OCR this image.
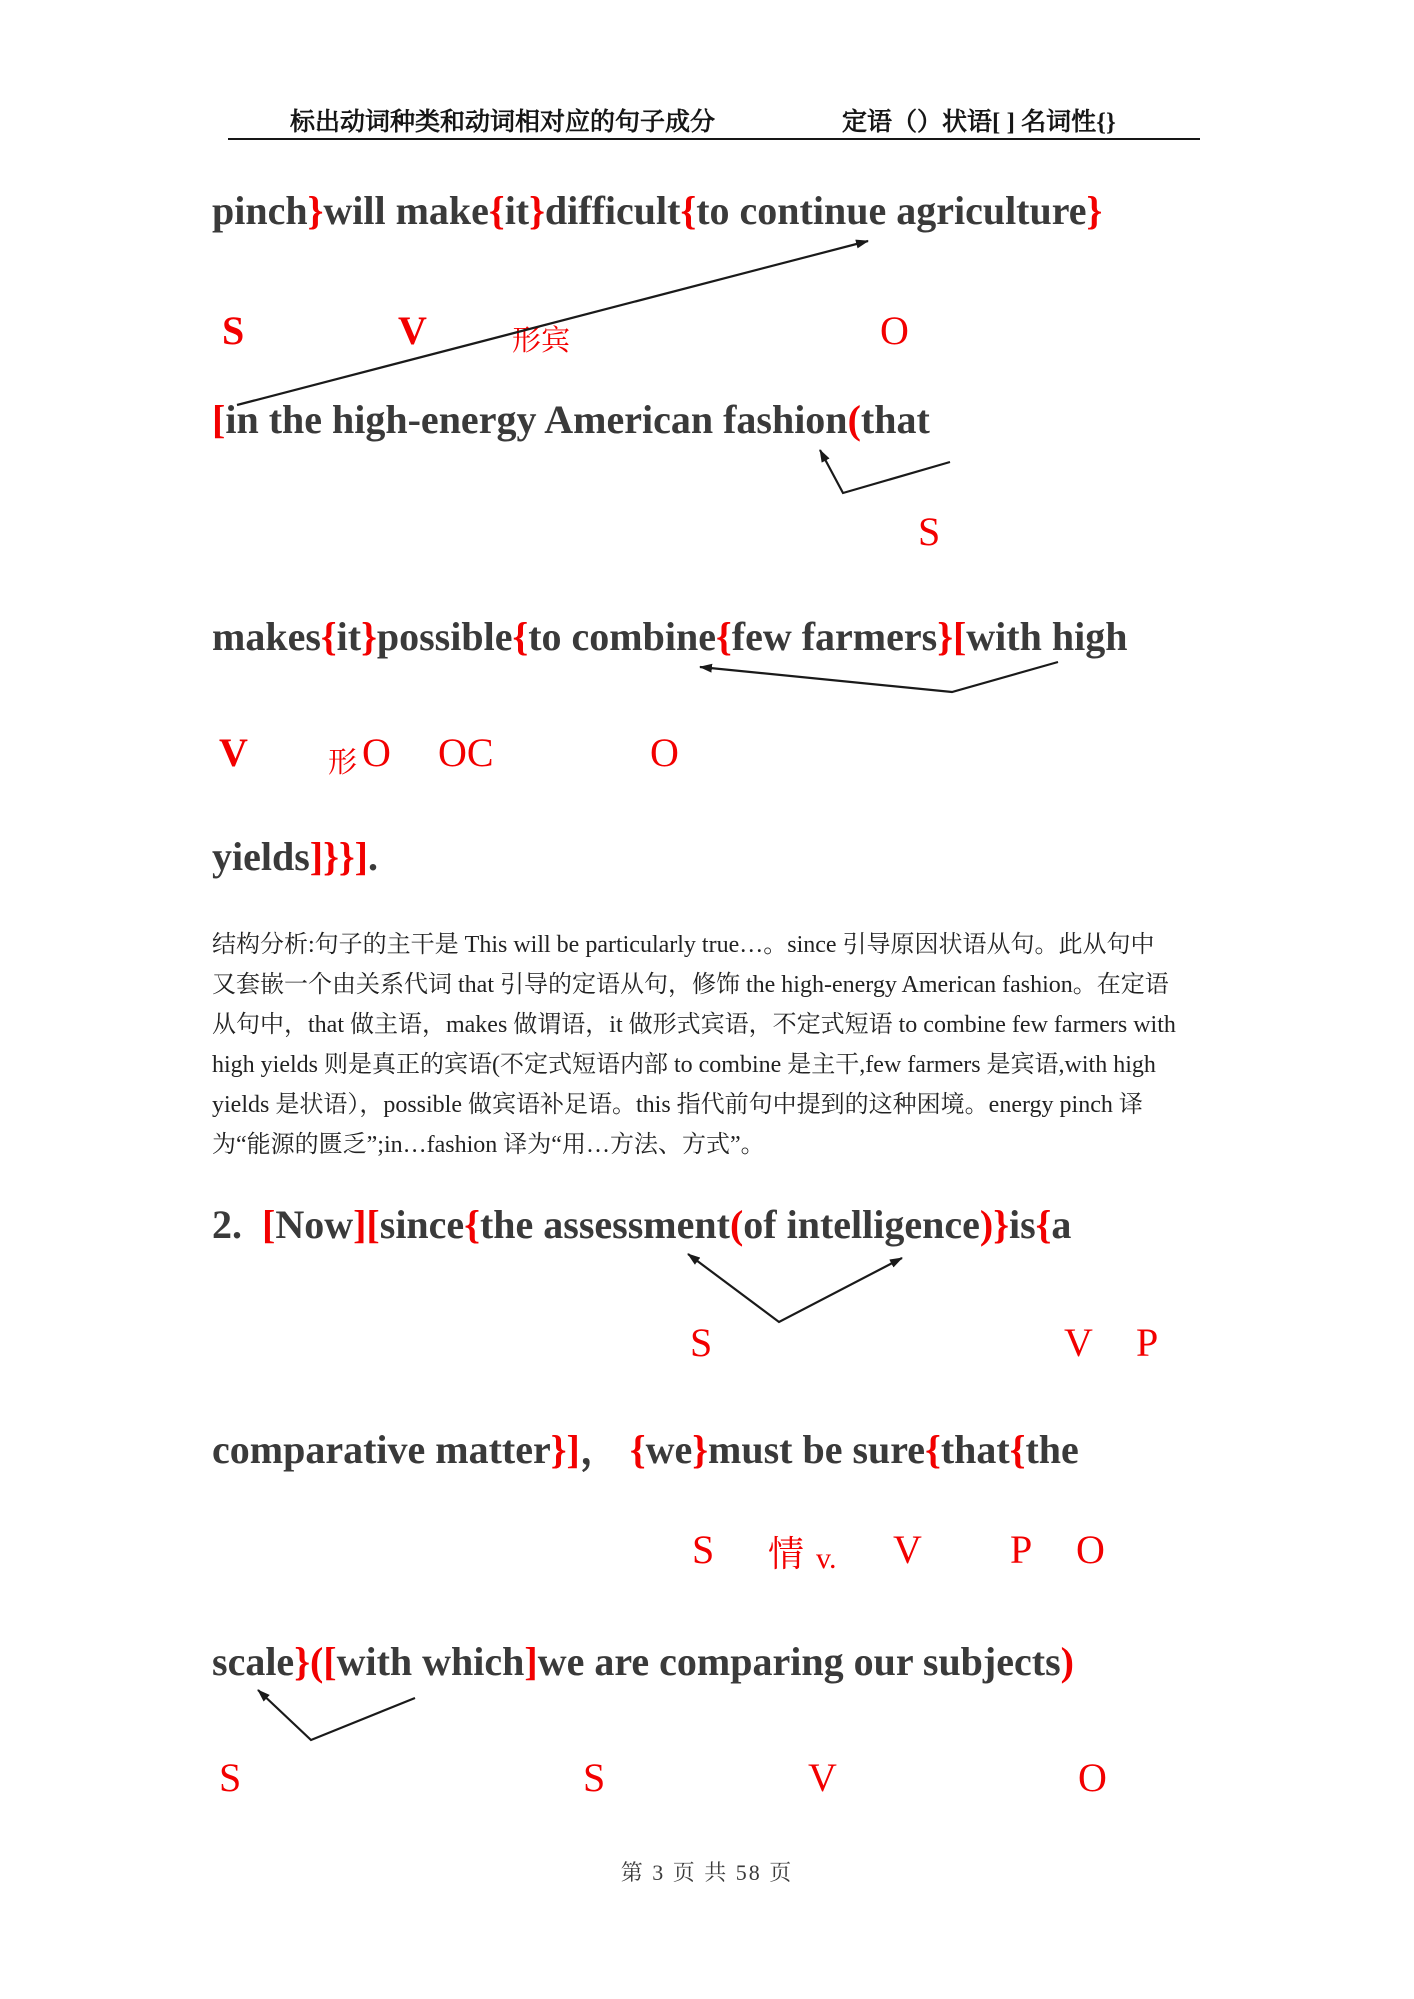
标出动词种类和动词相对应的句子成分	定语（）状语[ ] 名词性{}
pinch}will make{it}difficult{to continue agriculture}
S	V	形宾	O
[in the high-energy American fashion(that
S
makes{it}possible{to combine{few farmers}[with high
V	形 O OC	O
yields]}}].
结构分析:句子的主干是 This will be particularly true…。since 引导原因状语从句。此从句中
又套嵌一个由关系代词 that 引导的定语从句，修饰 the high-energy American fashion。在定语
从句中，that 做主语，makes 做谓语，it 做形式宾语，不定式短语 to combine few farmers with
high yields 则是真正的宾语(不定式短语内部 to combine 是主干,few farmers 是宾语,with high
yields 是状语），possible 做宾语补足语。this 指代前句中提到的这种困境。energy pinch 译
为“能源的匮乏”;in…fashion 译为“用…方法、方式”。
2.  [Now][since{the assessment(of intelligence)}is{a
S	V P
comparative matter}]， {we}must be sure{that{the
S 情 v. V P O
scale}([with which]we are comparing our subjects)
S	S	V	O
第 3 页 共 58 页
